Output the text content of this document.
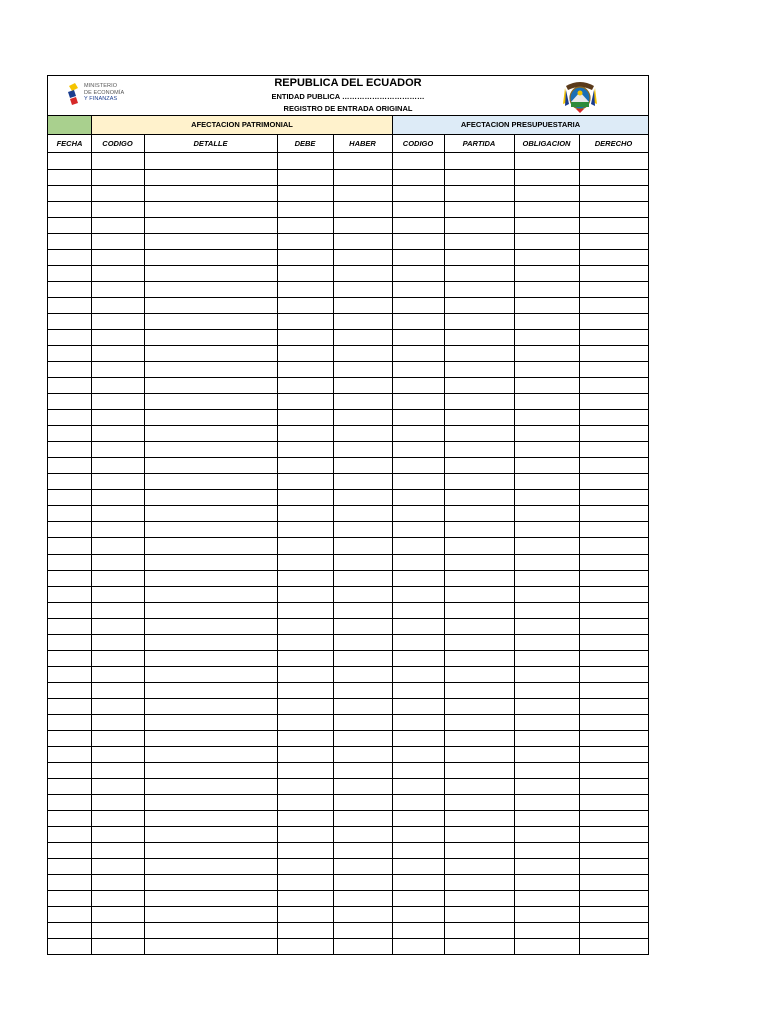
MINISTERIO
DE ECONOMÍA
Y FINANZAS
REPUBLICA DEL ECUADOR
ENTIDAD PUBLICA ……………………………
REGISTRO DE ENTRADA ORIGINAL
AFECTACION PATRIMONIAL	AFECTACION PRESUPUESTARIA
FECHA	CODIGO	DETALLE	DEBE	HABER	CODIGO	PARTIDA	OBLIGACION	DERECHO
